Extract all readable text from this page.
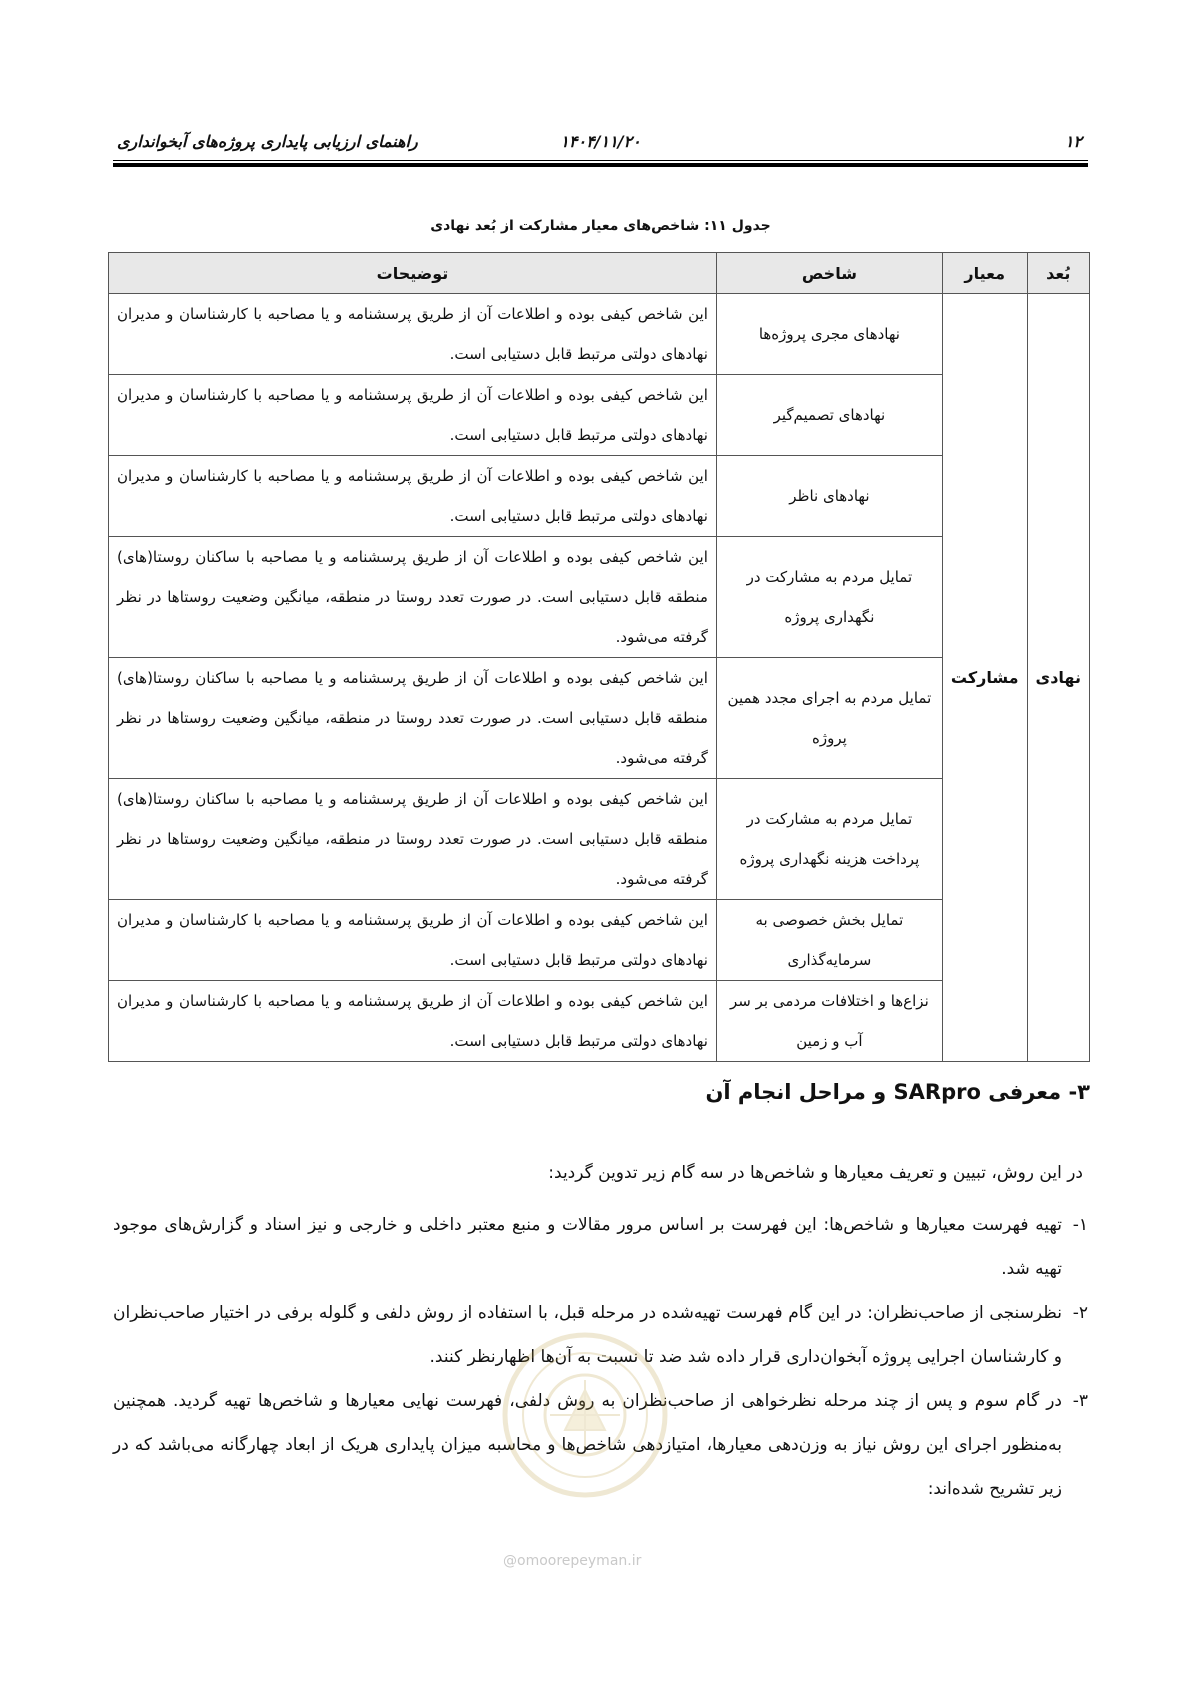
۱۲
۱۴۰۴/۱۱/۲۰
راهنمای ارزیابی پایداری پروژه‌های آبخوانداری
جدول ۱۱: شاخص‌های معیار مشارکت از بُعد نهادی
بُعد	معیار	شاخص	توضیحات
نهادی	مشارکت	نهادهای مجری پروژه‌ها	این شاخص کیفی بوده و اطلاعات آن از طریق پرسشنامه و یا مصاحبه با کارشناسان و مدیران نهادهای دولتی مرتبط قابل دستیابی است.
		نهادهای تصمیم‌گیر	این شاخص کیفی بوده و اطلاعات آن از طریق پرسشنامه و یا مصاحبه با کارشناسان و مدیران نهادهای دولتی مرتبط قابل دستیابی است.
		نهادهای ناظر	این شاخص کیفی بوده و اطلاعات آن از طریق پرسشنامه و یا مصاحبه با کارشناسان و مدیران نهادهای دولتی مرتبط قابل دستیابی است.
		تمایل مردم به مشارکت در نگهداری پروژه	این شاخص کیفی بوده و اطلاعات آن از طریق پرسشنامه و یا مصاحبه با ساکنان روستا(های) منطقه قابل دستیابی است. در صورت تعدد روستا در منطقه، میانگین وضعیت روستاها در نظر گرفته می‌شود.
		تمایل مردم به اجرای مجدد همین پروژه	این شاخص کیفی بوده و اطلاعات آن از طریق پرسشنامه و یا مصاحبه با ساکنان روستا(های) منطقه قابل دستیابی است. در صورت تعدد روستا در منطقه، میانگین وضعیت روستاها در نظر گرفته می‌شود.
		تمایل مردم به مشارکت در پرداخت هزینه نگهداری پروژه	این شاخص کیفی بوده و اطلاعات آن از طریق پرسشنامه و یا مصاحبه با ساکنان روستا(های) منطقه قابل دستیابی است. در صورت تعدد روستا در منطقه، میانگین وضعیت روستاها در نظر گرفته می‌شود.
		تمایل بخش خصوصی به سرمایه‌گذاری	این شاخص کیفی بوده و اطلاعات آن از طریق پرسشنامه و یا مصاحبه با کارشناسان و مدیران نهادهای دولتی مرتبط قابل دستیابی است.
		نزاع‌ها و اختلافات مردمی بر سر آب و زمین	این شاخص کیفی بوده و اطلاعات آن از طریق پرسشنامه و یا مصاحبه با کارشناسان و مدیران نهادهای دولتی مرتبط قابل دستیابی است.
۳- معرفی SARpro و مراحل انجام آن
در این روش، تبیین و تعریف معیارها و شاخص‌ها در سه گام زیر تدوین گردید:
۱-
تهیه فهرست معیارها و شاخص‌ها: این فهرست بر اساس مرور مقالات و منبع معتبر داخلی و خارجی و نیز اسناد و گزارش‌های موجود تهیه شد.
۲-
نظرسنجی از صاحب‌نظران: در این گام فهرست تهیه‌شده در مرحله قبل، با استفاده از روش دلفی و گلوله برفی در اختیار صاحب‌نظران و کارشناسان اجرایی پروژه آبخوان‌داری قرار داده شد ضد تا نسبت به آن‌ها اظهارنظر کنند.
۳-
در گام سوم و پس از چند مرحله نظرخواهی از صاحب‌نظران به روش دلفی، فهرست نهایی معیارها و شاخص‌ها تهیه گردید. همچنین به‌منظور اجرای این روش نیاز به وزن‌دهی معیارها، امتیازدهی شاخص‌ها و محاسبه میزان پایداری هریک از ابعاد چهارگانه می‌باشد که در زیر تشریح شده‌اند:
@omoorepeyman.ir
